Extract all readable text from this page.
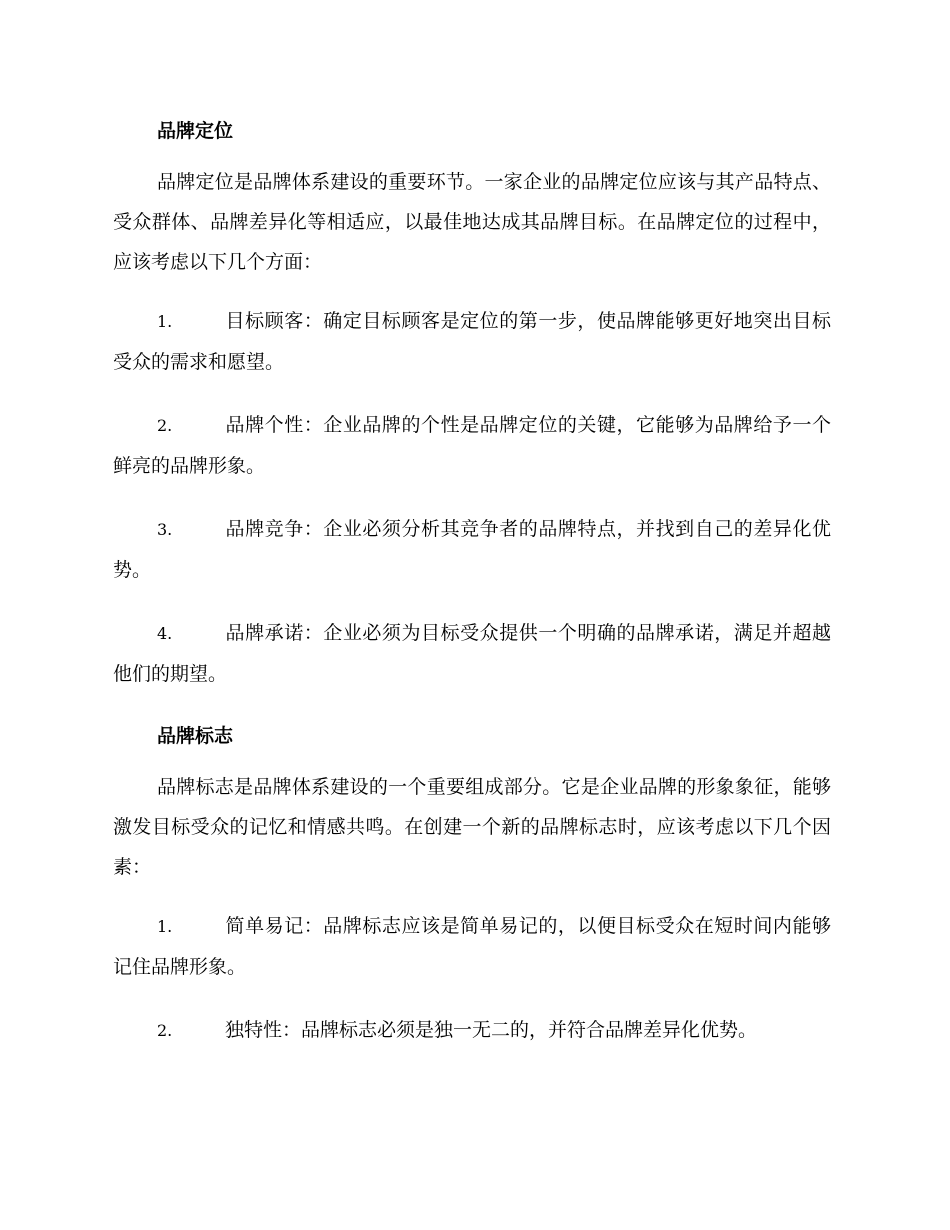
品牌定位

品牌定位是品牌体系建设的重要环节。一家企业的品牌定位应该与其产品特点、受众群体、品牌差异化等相适应，以最佳地达成其品牌目标。在品牌定位的过程中，应该考虑以下几个方面：

1.	目标顾客：确定目标顾客是定位的第一步，使品牌能够更好地突出目标受众的需求和愿望。
2.	品牌个性：企业品牌的个性是品牌定位的关键，它能够为品牌给予一个鲜亮的品牌形象。
3.	品牌竞争：企业必须分析其竞争者的品牌特点，并找到自己的差异化优势。
4.	品牌承诺：企业必须为目标受众提供一个明确的品牌承诺，满足并超越他们的期望。
品牌标志

品牌标志是品牌体系建设的一个重要组成部分。它是企业品牌的形象象征，能够激发目标受众的记忆和情感共鸣。在创建一个新的品牌标志时，应该考虑以下几个因素：

1.	简单易记：品牌标志应该是简单易记的，以便目标受众在短时间内能够记住品牌形象。
2.	独特性：品牌标志必须是独一无二的，并符合品牌差异化优势。
